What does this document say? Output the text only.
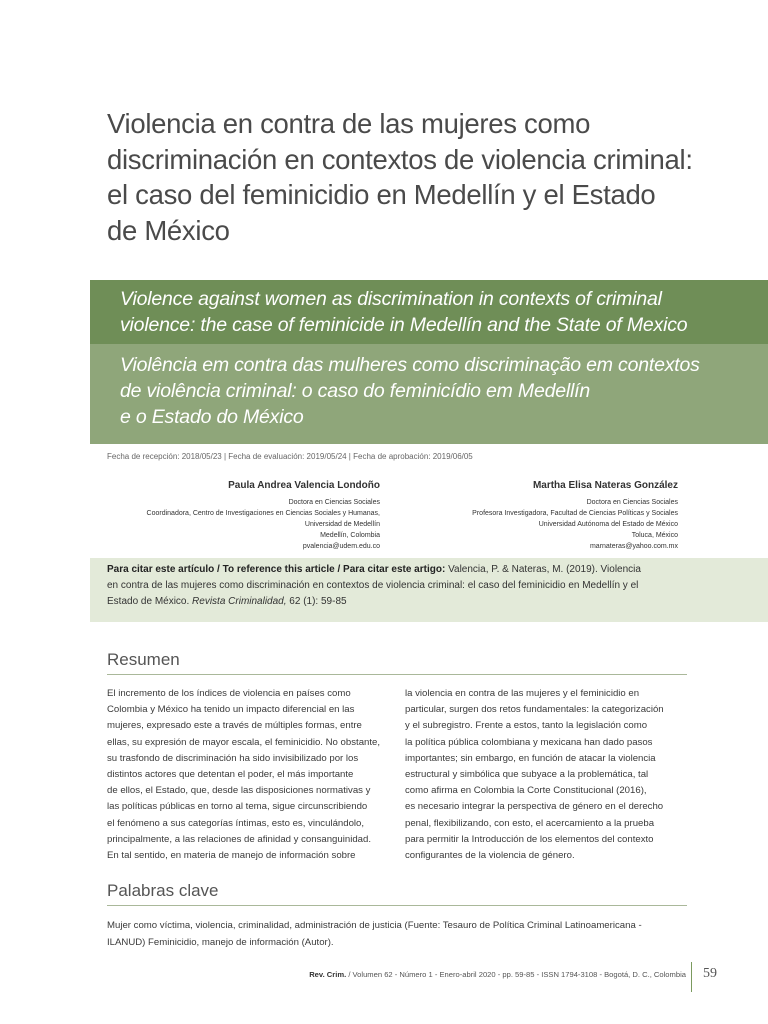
Violencia en contra de las mujeres como
discriminación en contextos de violencia criminal:
el caso del feminicidio en Medellín y el Estado
de México
Violence against women as discrimination in contexts of criminal
violence: the case of feminicide in Medellín and the State of Mexico
Violência em contra das mulheres como discriminação em contextos
de violência criminal: o caso do feminicídio em Medellín
e o Estado do México
Fecha de recepción: 2018/05/23 | Fecha de evaluación: 2019/05/24 | Fecha de aprobación: 2019/06/05
Paula Andrea Valencia Londoño
Doctora en Ciencias Sociales
Coordinadora, Centro de Investigaciones en Ciencias Sociales y Humanas,
Universidad de Medellín
Medellín, Colombia
pvalencia@udem.edu.co
Martha Elisa Nateras González
Doctora en Ciencias Sociales
Profesora Investigadora, Facultad de Ciencias Políticas y Sociales
Universidad Autónoma del Estado de México
Toluca, México
marnateras@yahoo.com.mx
Para citar este artículo / To reference this article / Para citar este artigo: Valencia, P. & Nateras, M. (2019). Violencia
en contra de las mujeres como discriminación en contextos de violencia criminal: el caso del feminicidio en Medellín y el
Estado de México. Revista Criminalidad, 62 (1): 59-85
Resumen
El incremento de los índices de violencia en países como
Colombia y México ha tenido un impacto diferencial en las
mujeres, expresado este a través de múltiples formas, entre
ellas, su expresión de mayor escala, el feminicidio. No obstante,
su trasfondo de discriminación ha sido invisibilizado por los
distintos actores que detentan el poder, el más importante
de ellos, el Estado, que, desde las disposiciones normativas y
las políticas públicas en torno al tema, sigue circunscribiendo
el fenómeno a sus categorías íntimas, esto es, vinculándolo,
principalmente, a las relaciones de afinidad y consanguinidad.
En tal sentido, en materia de manejo de información sobre
la violencia en contra de las mujeres y el feminicidio en
particular, surgen dos retos fundamentales: la categorización
y el subregistro. Frente a estos, tanto la legislación como
la política pública colombiana y mexicana han dado pasos
importantes; sin embargo, en función de atacar la violencia
estructural y simbólica que subyace a la problemática, tal
como afirma en Colombia la Corte Constitucional (2016),
es necesario integrar la perspectiva de género en el derecho
penal, flexibilizando, con esto, el acercamiento a la prueba
para permitir la Introducción de los elementos del contexto
configurantes de la violencia de género.
Palabras clave
Mujer como víctima, violencia, criminalidad, administración de justicia (Fuente: Tesauro de Política Criminal Latinoamericana -
ILANUD) Feminicidio, manejo de información (Autor).
Rev. Crim. / Volumen 62 - Número 1 - Enero-abril 2020 - pp. 59-85 - ISSN 1794-3108 - Bogotá, D. C., Colombia 59
